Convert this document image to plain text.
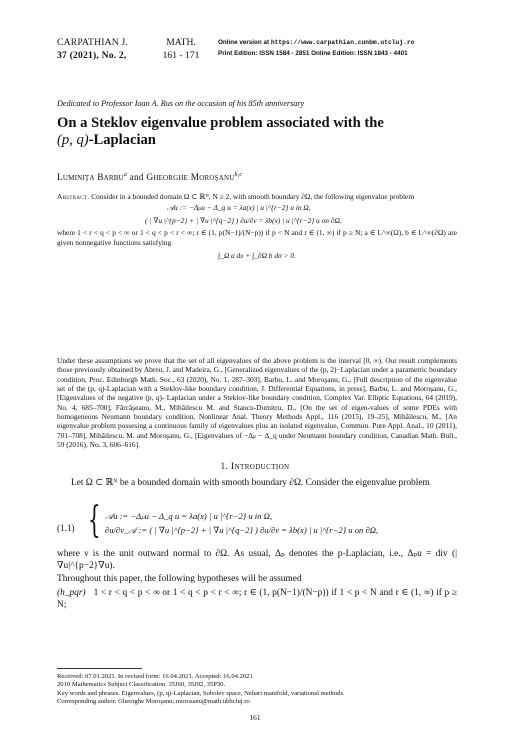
CARPATHIAN J.
37 (2021), No. 2,
MATH.
161 - 171
Online version at https://www.carpathian.cunbm.utcluj.ro
Print Edition: ISSN 1584 - 2851 Online Edition: ISSN 1843 - 4401
Dedicated to Professor Ioan A. Rus on the occasion of his 85th anniversary
On a Steklov eigenvalue problem associated with the
(p, q)-Laplacian
Luminiţa Barbu$^a$ and Gheorghe Moroşanu$^{b,c}$
Abstract. Consider in a bounded domain Ω ⊂ ℝᴺ, N ≥ 2, with smooth boundary ∂Ω, the following eigenvalue problem
𝒜u := −Δₚu − Δ_q u = λa(x) | u |^{r−2} u in Ω,
( | ∇u |^{p−2} + | ∇u |^{q−2} ) ∂u/∂ν = λb(x) | u |^{r−2} u on ∂Ω,
where 1 < r < q < p < ∞ or 1 < q < p < r < ∞; r ∈ (1, p(N−1)/(N−p)) if p < N and r ∈ (1, ∞) if p ≥ N; a ∈ L^∞(Ω), b ∈ L^∞(∂Ω) are given nonnegative functions satisfying
∫_Ω a dx + ∫_∂Ω b dσ > 0.

Under these assumptions we prove that the set of all eigenvalues of the above problem is the interval [0, ∞). Our result complements those previously obtained by Abreu, J. and Madeira, G., [Generalized eigenvalues of the (p, 2)−Laplacian under a parametric boundary condition, Proc. Edinburgh Math. Soc., 63 (2020), No. 1, 287–303], Barbu, L. and Moroşanu, G., [Full description of the eigenvalue set of the (p, q)-Laplacian with a Steklov-like boundary condition, J. Differential Equations, in press], Barbu, L. and Moroşanu, G., [Eigenvalues of the negative (p, q)- Laplacian under a Steklov-like boundary condition, Complex Var. Elliptic Equations, 64 (2019), No. 4, 685–700], Fărcăşeanu, M., Mihăilescu M. and Stancu-Dumitru, D., [On the set of eigen-values of some PDEs with homogeneous Neumann boundary condition, Nonlinear Anal. Theory Methods Appl., 116 (2015), 19–25], Mihăilescu, M., [An eigenvalue problem possesing a continuous family of eigenvalues plus an isolated eigenvalue, Commun. Pure Appl. Anal., 10 (2011), 701–708], Mihăilescu, M. and Moroşanu, G., [Eigenvalues of −Δₚ − Δ_q under Neumann boundary condition, Canadian Math. Bull., 59 (2016), No. 3, 606–616].

1. Introduction
Let Ω ⊂ ℝᴺ be a bounded domain with smooth boundary ∂Ω. Consider the eigenvalue problem
(1.1) { 𝒜u := −Δₚu − Δ_q u = λa(x) | u |^{r−2} u in Ω,
∂u/∂ν_𝒜 := ( | ∇u |^{p−2} + | ∇u |^{q−2} ) ∂u/∂ν = λb(x) | u |^{r−2} u on ∂Ω,
where ν is the unit outward normal to ∂Ω. As usual, Δₚ denotes the p-Laplacian, i.e., Δₚu = div (|∇u|^{p−2}∇u).
Throughout this paper, the following hypotheses will be assumed
(h_pqr) 1 < r < q < p < ∞ or 1 < q < p < r < ∞; r ∈ (1, p(N−1)/(N−p)) if 1 < p < N and r ∈ (1, ∞) if p ≥ N;

Received: 07.01.2021. In revised form: 16.04.2021. Accepted: 16.04.2021

2010 Mathematics Subject Classification. 35J60, 35J92, 35P30.

Key words and phrases. Eigenvalues, (p, q)-Laplacian, Sobolev space, Nehari manifold, variational methods.

Corresponding author: Gheorghe Moroşanu; morosanu@math.ubbcluj.ro

161
